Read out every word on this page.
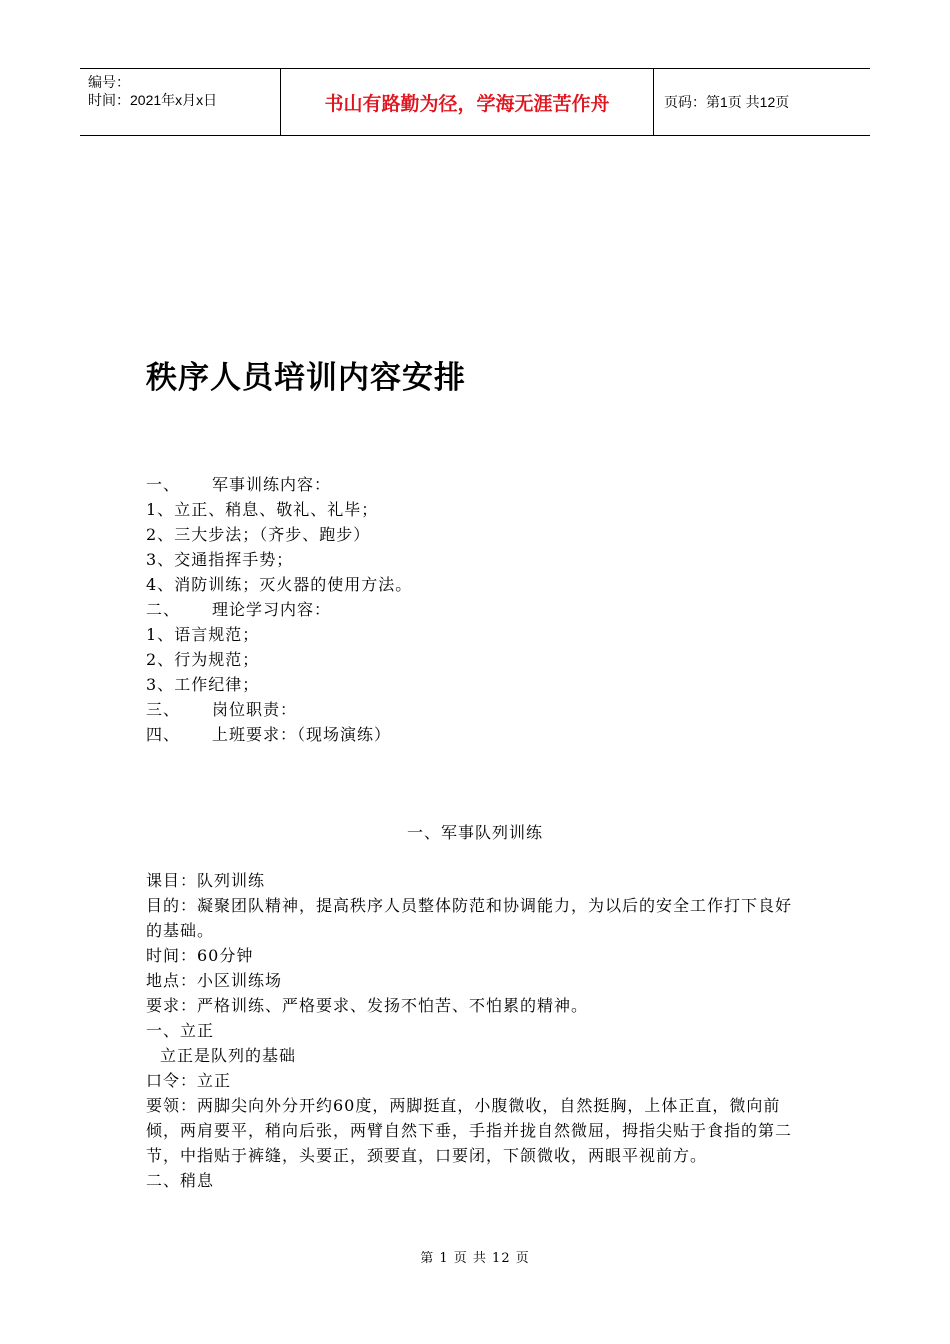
编号：
时间：2021年x月x日	书山有路勤为径，学海无涯苦作舟	页码：第1页 共12页
秩序人员培训内容安排
一、 军事训练内容：
1、立正、稍息、敬礼、礼毕；
2、三大步法；（齐步、跑步）
3、交通指挥手势；
4、消防训练；灭火器的使用方法。
二、 理论学习内容：
1、语言规范；
2、行为规范；
3、工作纪律；
三、 岗位职责：
四、 上班要求：（现场演练）
一、军事队列训练

课目：队列训练

目的：凝聚团队精神，提高秩序人员整体防范和协调能力，为以后的安全工作打下良好的基础。

时间：60分钟

地点：小区训练场

要求：严格训练、严格要求、发扬不怕苦、不怕累的精神。

一、立正

立正是队列的基础

口令：立正

要领：两脚尖向外分开约60度，两脚挺直，小腹微收，自然挺胸，上体正直，微向前倾，两肩要平，稍向后张，两臂自然下垂，手指并拢自然微屈，拇指尖贴于食指的第二节，中指贴于裤缝，头要正，颈要直，口要闭，下颌微收，两眼平视前方。

二、稍息

第 1 页 共 12 页
